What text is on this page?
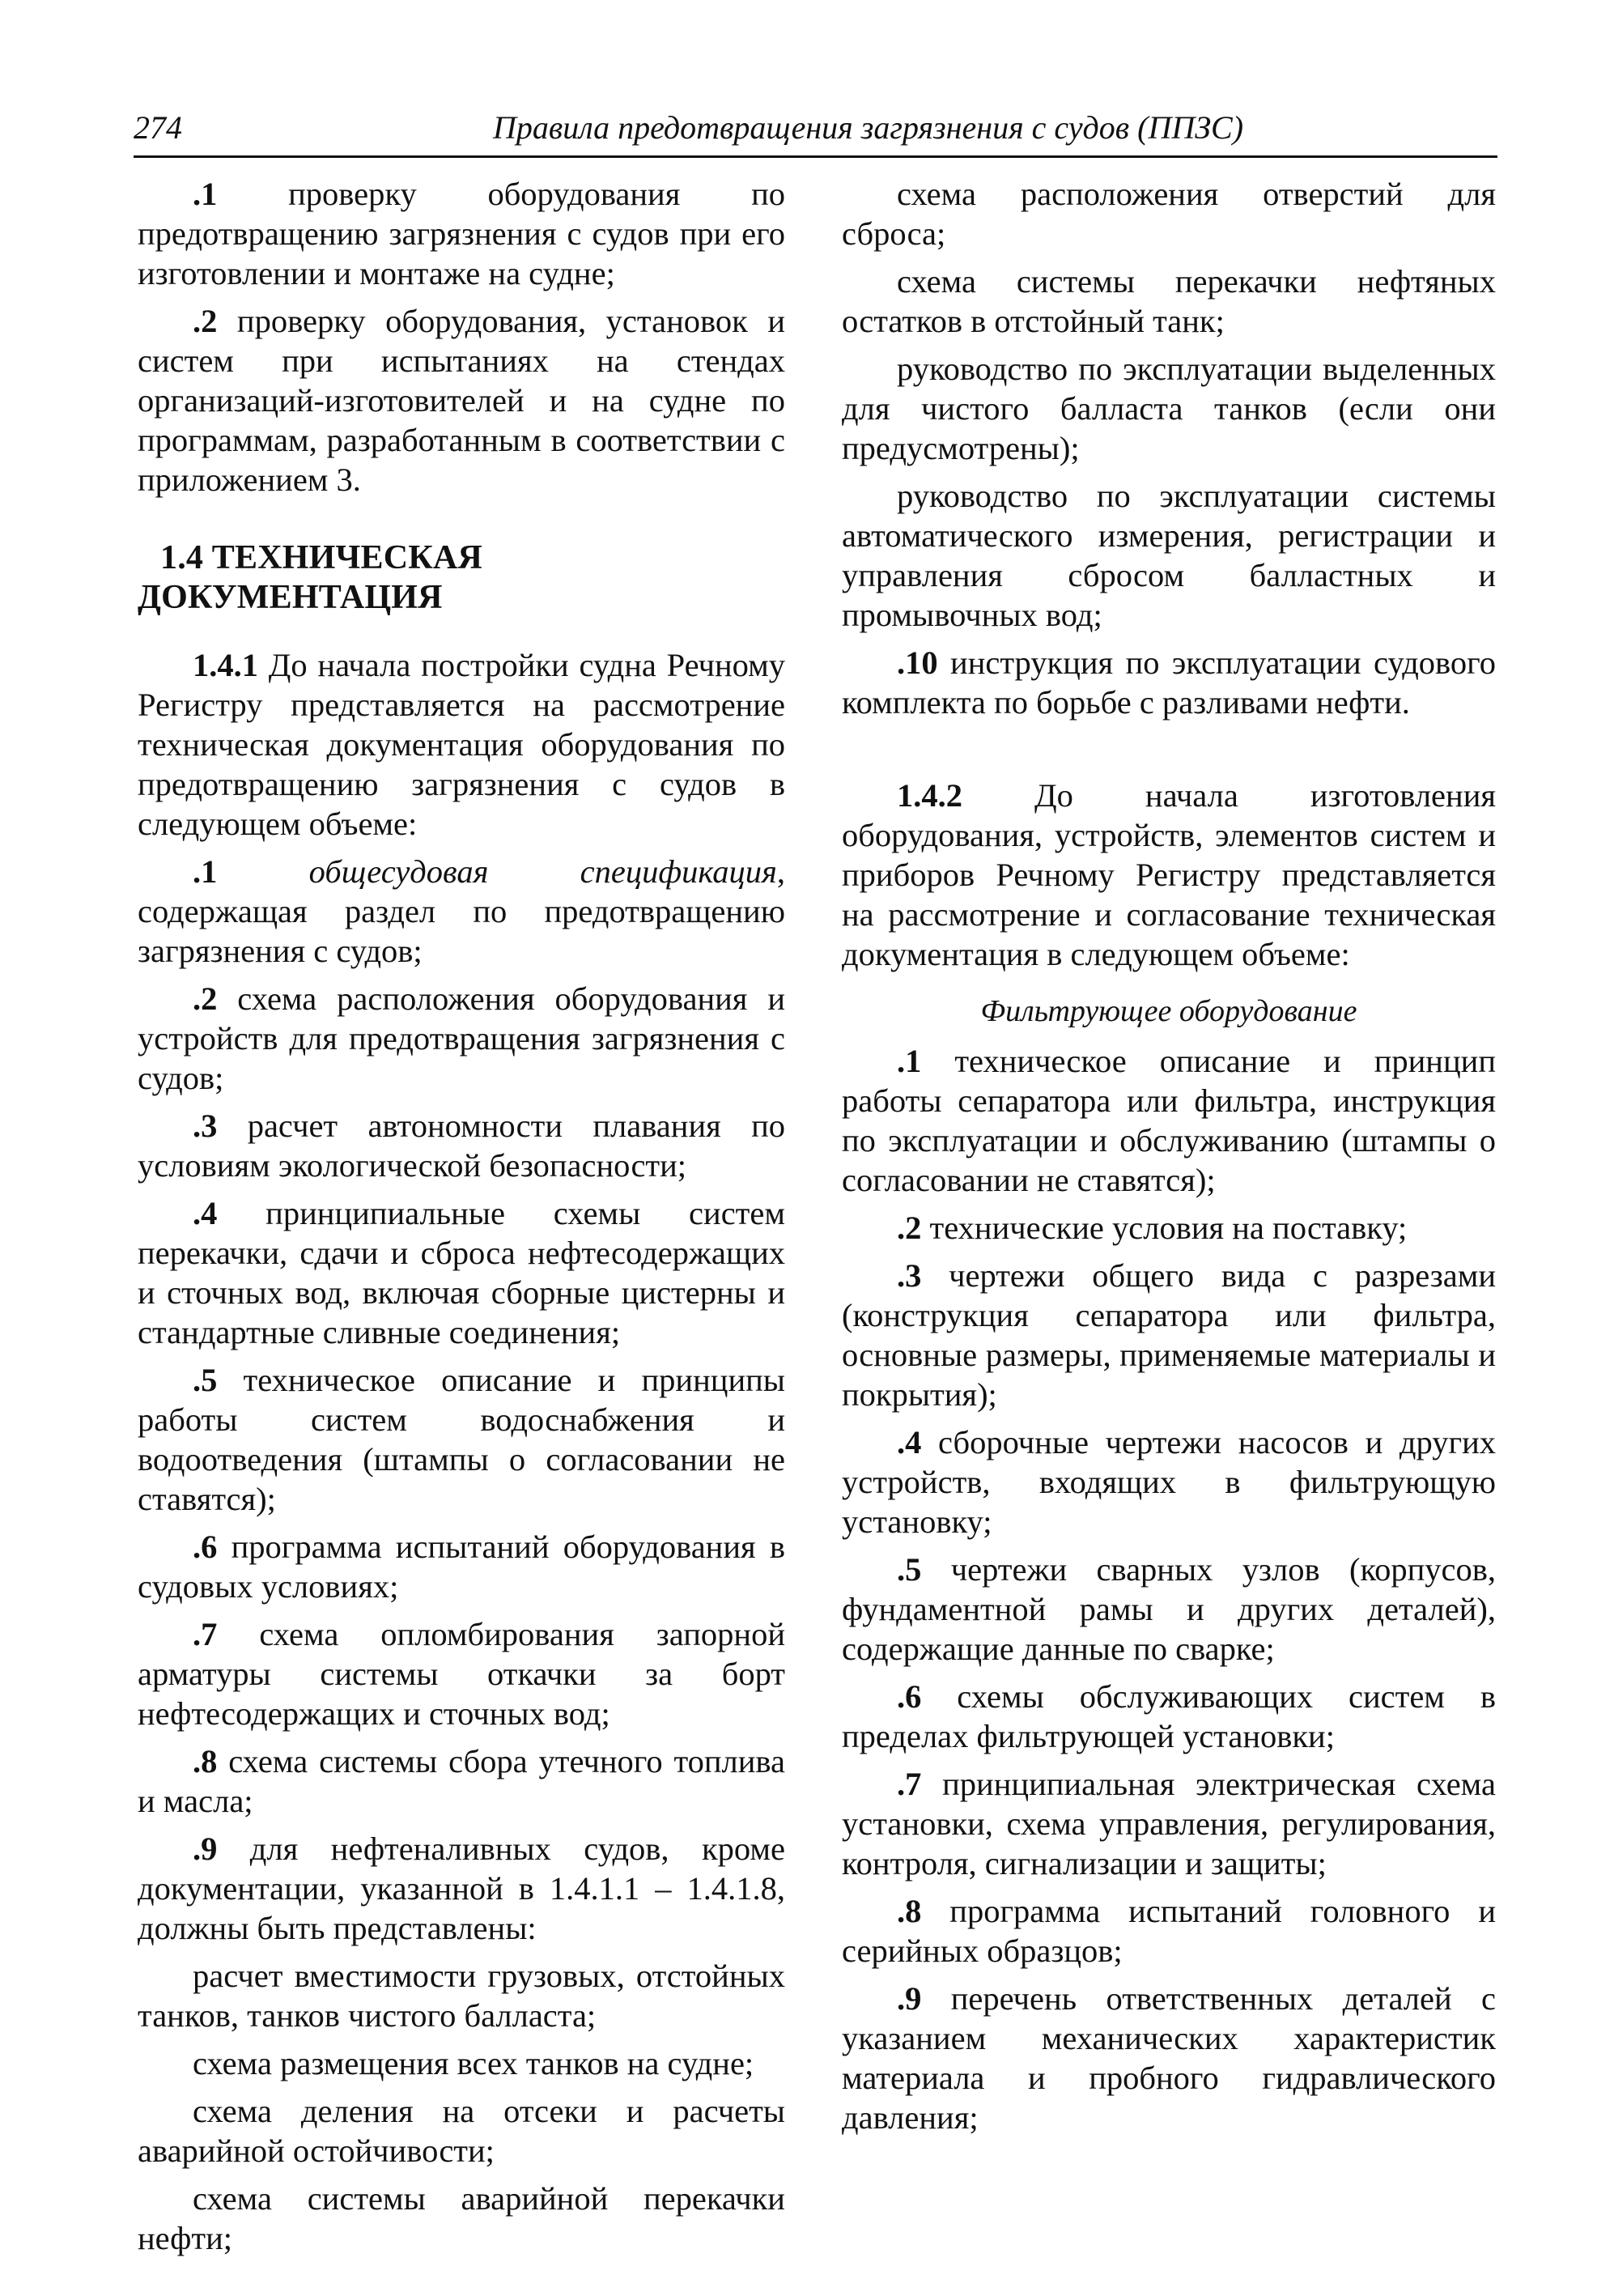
274	Правила предотвращения загрязнения с судов (ППЗС)

.1 проверку оборудования по предотвращению загрязнения с судов при его изготовлении и монтаже на судне;

.2 проверку оборудования, установок и систем при испытаниях на стендах организаций-изготовителей и на судне по программам, разработанным в соответствии с приложением 3.

1.4 ТЕХНИЧЕСКАЯ ДОКУМЕНТАЦИЯ

1.4.1 До начала постройки судна Речному Регистру представляется на рассмотрение техническая документация оборудования по предотвращению загрязнения с судов в следующем объеме:

.1 общесудовая спецификация, содержащая раздел по предотвращению загрязнения с судов;

.2 схема расположения оборудования и устройств для предотвращения загрязнения с судов;

.3 расчет автономности плавания по условиям экологической безопасности;

.4 принципиальные схемы систем перекачки, сдачи и сброса нефтесодержащих и сточных вод, включая сборные цистерны и стандартные сливные соединения;

.5 техническое описание и принципы работы систем водоснабжения и водоотведения (штампы о согласовании не ставятся);

.6 программа испытаний оборудования в судовых условиях;

.7 схема опломбирования запорной арматуры системы откачки за борт нефтесодержащих и сточных вод;

.8 схема системы сбора утечного топлива и масла;

.9 для нефтеналивных судов, кроме документации, указанной в 1.4.1.1 – 1.4.1.8, должны быть представлены:

расчет вместимости грузовых, отстойных танков, танков чистого балласта;

схема размещения всех танков на судне;

схема деления на отсеки и расчеты аварийной остойчивости;

схема системы аварийной перекачки нефти;

схема расположения отверстий для сброса;

схема системы перекачки нефтяных остатков в отстойный танк;

руководство по эксплуатации выделенных для чистого балласта танков (если они предусмотрены);

руководство по эксплуатации системы автоматического измерения, регистрации и управления сбросом балластных и промывочных вод;

.10 инструкция по эксплуатации судового комплекта по борьбе с разливами нефти.

1.4.2 До начала изготовления оборудования, устройств, элементов систем и приборов Речному Регистру представляется на рассмотрение и согласование техническая документация в следующем объеме:

Фильтрующее оборудование

.1 техническое описание и принцип работы сепаратора или фильтра, инструкция по эксплуатации и обслуживанию (штампы о согласовании не ставятся);

.2 технические условия на поставку;

.3 чертежи общего вида с разрезами (конструкция сепаратора или фильтра, основные размеры, применяемые материалы и покрытия);

.4 сборочные чертежи насосов и других устройств, входящих в фильтрующую установку;

.5 чертежи сварных узлов (корпусов, фундаментной рамы и других деталей), содержащие данные по сварке;

.6 схемы обслуживающих систем в пределах фильтрующей установки;

.7 принципиальная электрическая схема установки, схема управления, регулирования, контроля, сигнализации и защиты;

.8 программа испытаний головного и серийных образцов;

.9 перечень ответственных деталей с указанием механических характеристик материала и пробного гидравлического давления;
